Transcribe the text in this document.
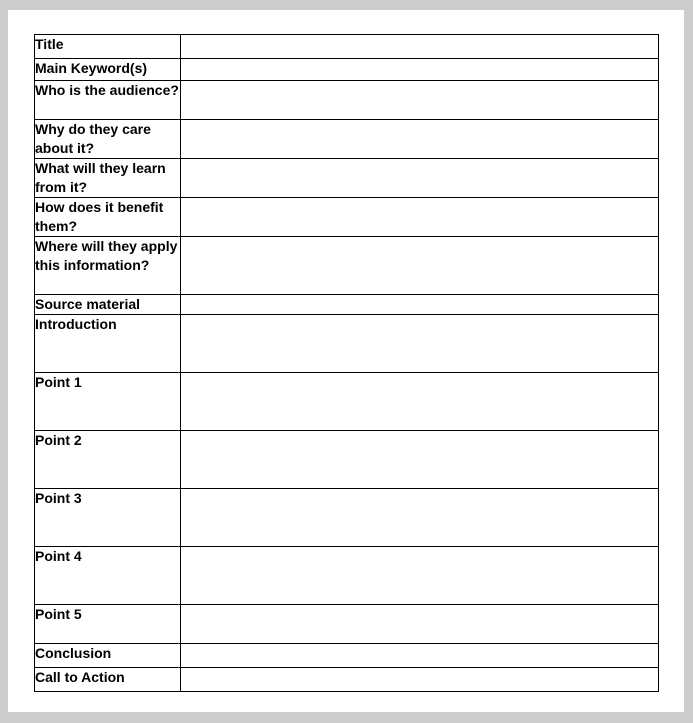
Title	
Main Keyword(s)	
Who is the audience?	
Why do they care about it?	
What will they learn from it?	
How does it benefit them?	
Where will they apply this information?	
Source material	
Introduction	
Point 1	
Point 2	
Point 3	
Point 4	
Point 5	
Conclusion	
Call to Action	
